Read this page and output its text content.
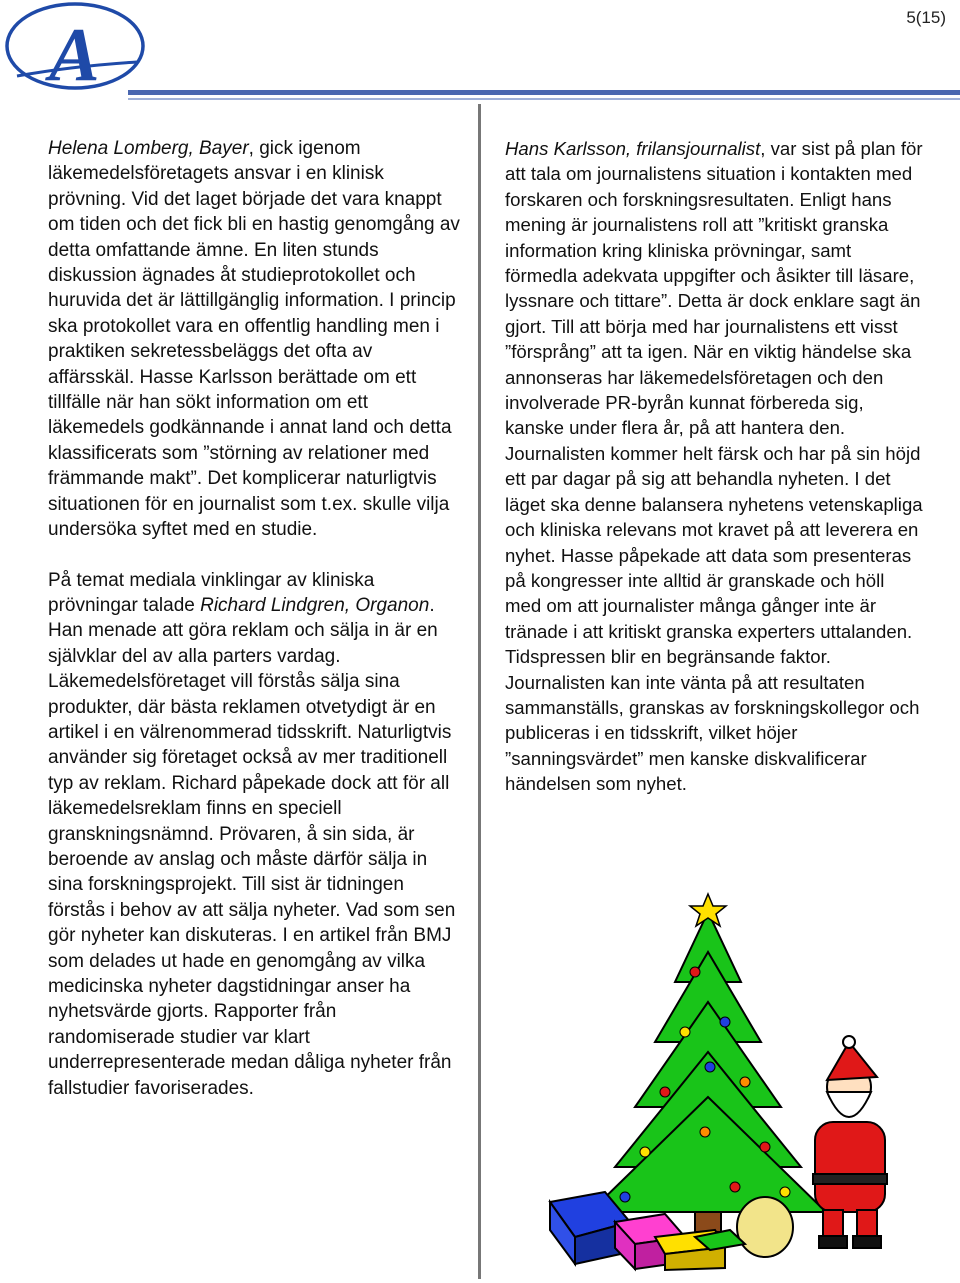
A	5(15)

Helena Lomberg, Bayer, gick igenom läkemedelsföretagets ansvar i en klinisk prövning. Vid det laget började det vara knappt om tiden och det fick bli en hastig genomgång av detta omfattande ämne. En liten stunds diskussion ägnades åt studieprotokollet och huruvida det är lättillgänglig information. I princip ska protokollet vara en offentlig handling men i praktiken sekretessbeläggs det ofta av affärsskäl. Hasse Karlsson berättade om ett tillfälle när han sökt information om ett läkemedels godkännande i annat land och detta klassificerats som ”störning av relationer med främmande makt”. Det komplicerar naturligtvis situationen för en journalist som t.ex. skulle vilja undersöka syftet med en studie.

På temat mediala vinklingar av kliniska prövningar talade Richard Lindgren, Organon. Han menade att göra reklam och sälja in är en självklar del av alla parters vardag. Läkemedelsföretaget vill förstås sälja sina produkter, där bästa reklamen otvetydigt är en artikel i en välrenommerad tidsskrift. Naturligtvis använder sig företaget också av mer traditionell typ av reklam. Richard påpekade dock att för all läkemedelsreklam finns en speciell granskningsnämnd. Prövaren, å sin sida, är beroende av anslag och måste därför sälja in sina forskningsprojekt. Till sist är tidningen förstås i behov av att sälja nyheter. Vad som sen gör nyheter kan diskuteras. I en artikel från BMJ som delades ut hade en genomgång av vilka medicinska nyheter dagstidningar anser ha nyhetsvärde gjorts. Rapporter från randomiserade studier var klart underrepresenterade medan dåliga nyheter från fallstudier favoriserades.

Hans Karlsson, frilansjournalist, var sist på plan för att tala om journalistens situation i kontakten med forskaren och forskningsresultaten. Enligt hans mening är journalistens roll att ”kritiskt granska information kring kliniska prövningar, samt förmedla adekvata uppgifter och åsikter till läsare, lyssnare och tittare”. Detta är dock enklare sagt än gjort. Till att börja med har journalistens ett visst ”försprång” att ta igen. När en viktig händelse ska annonseras har läkemedelsföretagen och den involverade PR-byrån kunnat förbereda sig, kanske under flera år, på att hantera den. Journalisten kommer helt färsk och har på sin höjd ett par dagar på sig att behandla nyheten. I det läget ska denne balansera nyhetens vetenskapliga och kliniska relevans mot kravet på att leverera en nyhet. Hasse påpekade att data som presenteras på kongresser inte alltid är granskade och höll med om att journalister många gånger inte är tränade i att kritiskt granska experters uttalanden. Tidspressen blir en begränsande faktor. Journalisten kan inte vänta på att resultaten sammanställs, granskas av forskningskollegor och publiceras i en tidsskrift, vilket höjer ”sanningsvärdet” men kanske diskvalificerar händelsen som nyhet.
